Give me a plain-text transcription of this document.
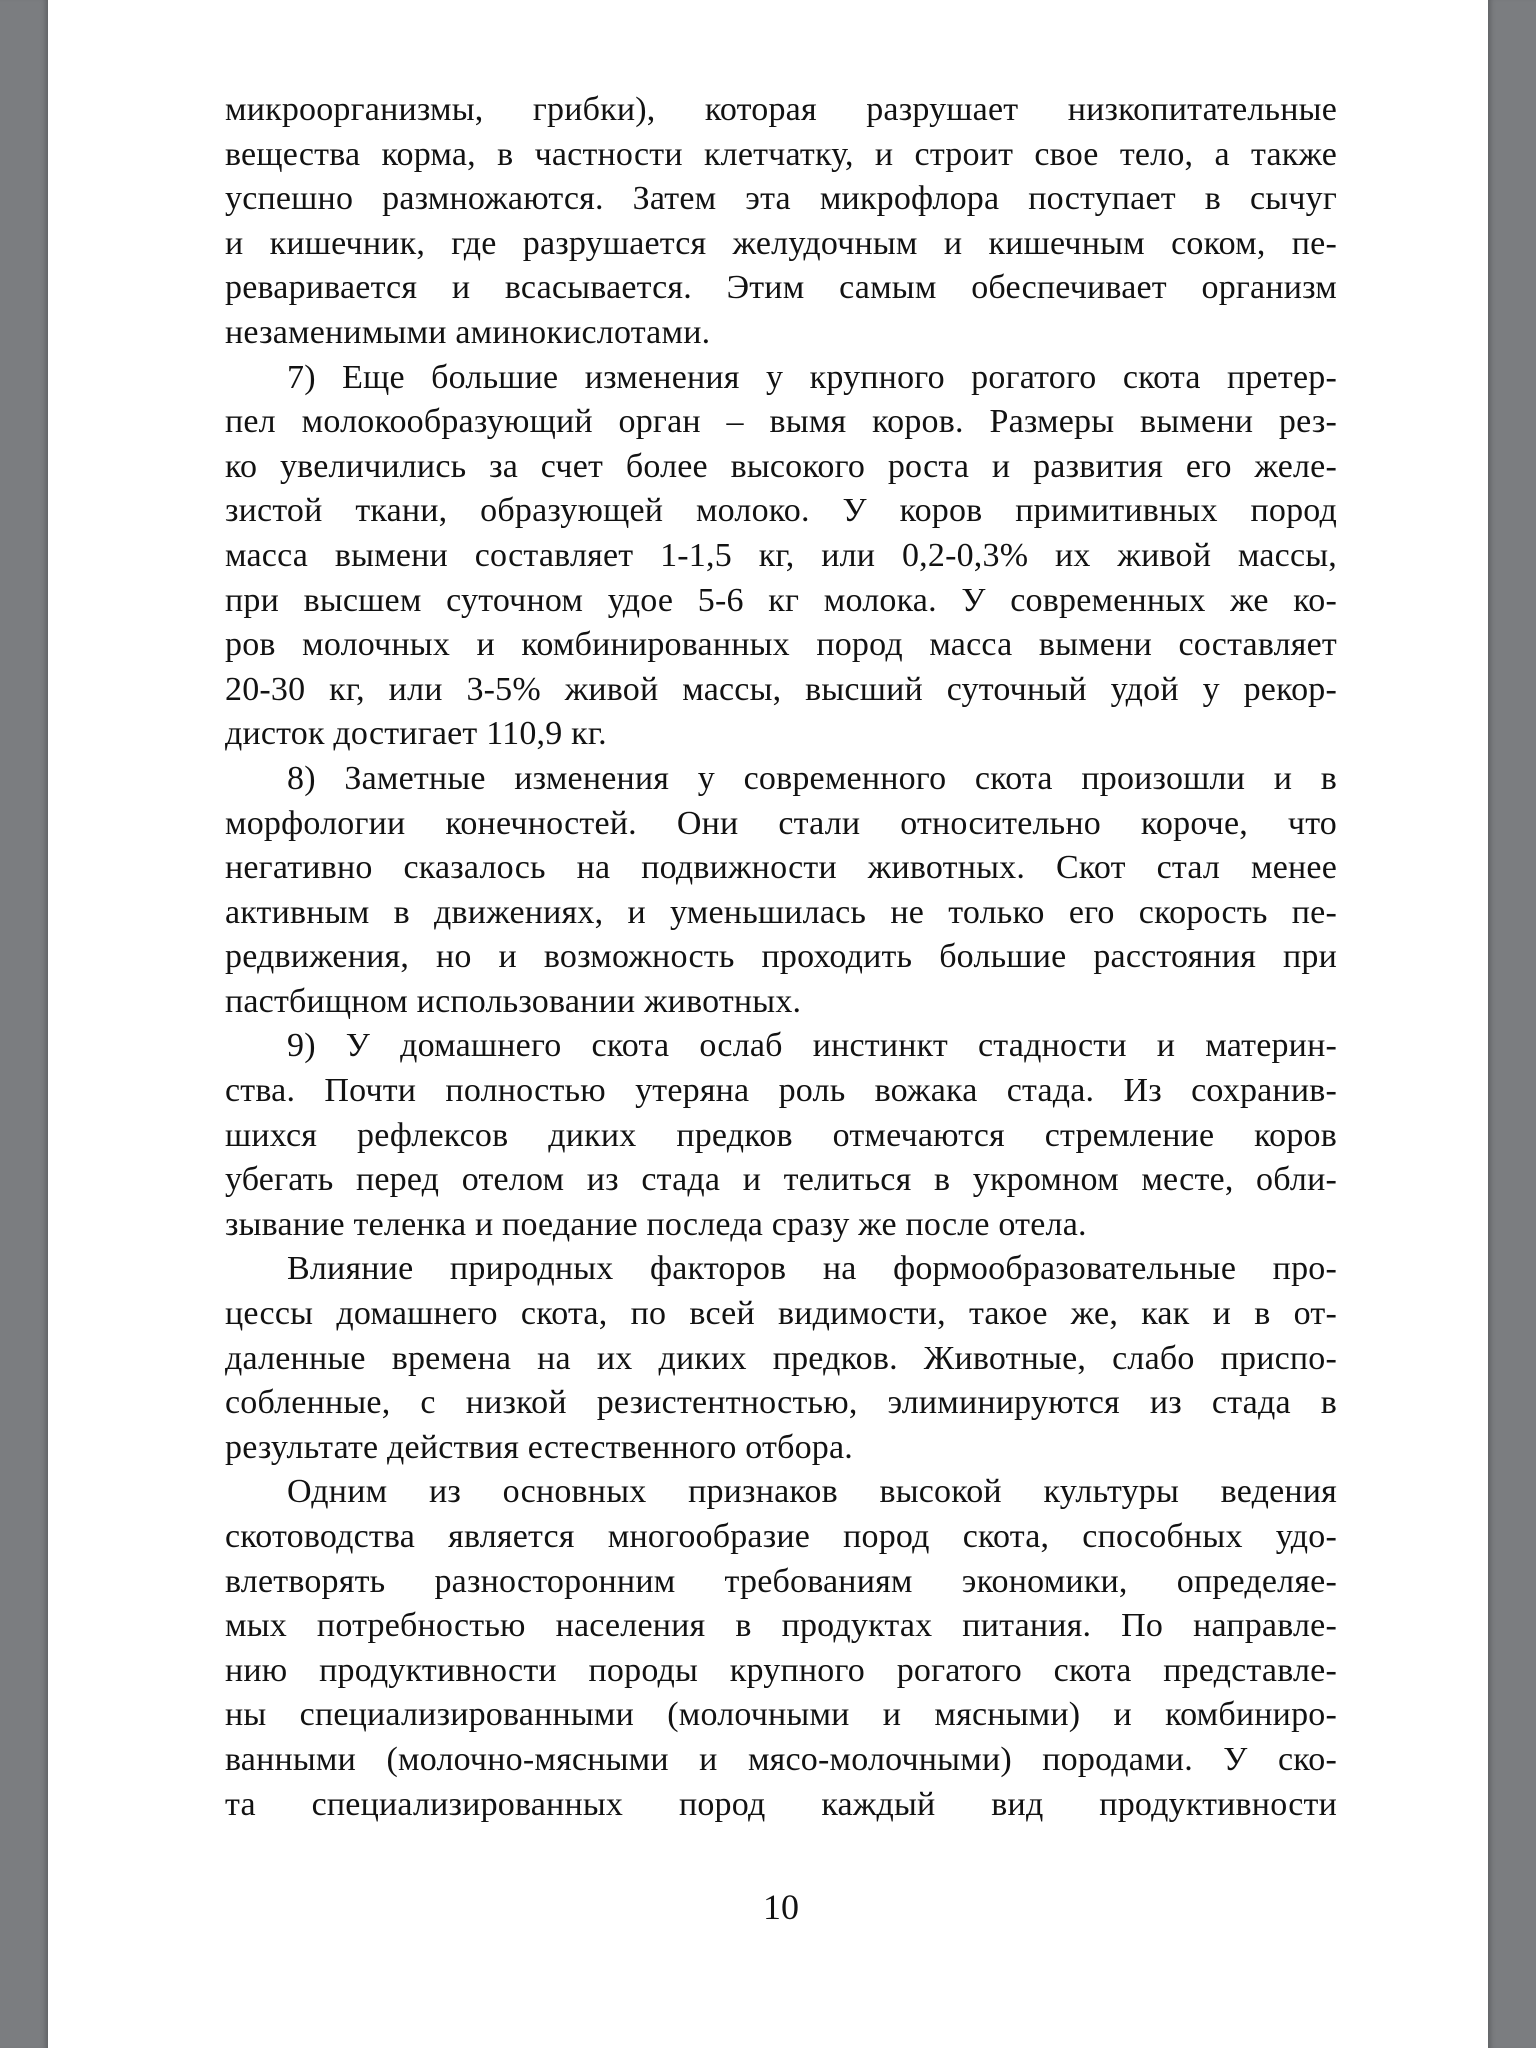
микроорганизмы, грибки), которая разрушает низкопитательные
вещества корма, в частности клетчатку, и строит свое тело, а также
успешно размножаются. Затем эта микрофлора поступает в сычуг
и кишечник, где разрушается желудочным и кишечным соком, пе-
реваривается и всасывается. Этим самым обеспечивает организм
незаменимыми аминокислотами.
7) Еще большие изменения у крупного рогатого скота претер-
пел молокообразующий орган – вымя коров. Размеры вымени рез-
ко увеличились за счет более высокого роста и развития его желе-
зистой ткани, образующей молоко. У коров примитивных пород
масса вымени составляет 1-1,5 кг, или 0,2-0,3% их живой массы,
при высшем суточном удое 5-6 кг молока. У современных же ко-
ров молочных и комбинированных пород масса вымени составляет
20-30 кг, или 3-5% живой массы, высший суточный удой у рекор-
дисток достигает 110,9 кг.
8) Заметные изменения у современного скота произошли и в
морфологии конечностей. Они стали относительно короче, что
негативно сказалось на подвижности животных. Скот стал менее
активным в движениях, и уменьшилась не только его скорость пе-
редвижения, но и возможность проходить большие расстояния при
пастбищном использовании животных.
9) У домашнего скота ослаб инстинкт стадности и материн-
ства. Почти полностью утеряна роль вожака стада. Из сохранив-
шихся рефлексов диких предков отмечаются стремление коров
убегать перед отелом из стада и телиться в укромном месте, обли-
зывание теленка и поедание последа сразу же после отела.
Влияние природных факторов на формообразовательные про-
цессы домашнего скота, по всей видимости, такое же, как и в от-
даленные времена на их диких предков. Животные, слабо приспо-
собленные, с низкой резистентностью, элиминируются из стада в
результате действия естественного отбора.
Одним из основных признаков высокой культуры ведения
скотоводства является многообразие пород скота, способных удо-
влетворять разносторонним требованиям экономики, определяе-
мых потребностью населения в продуктах питания. По направле-
нию продуктивности породы крупного рогатого скота представле-
ны специализированными (молочными и мясными) и комбиниро-
ванными (молочно-мясными и мясо-молочными) породами. У ско-
та специализированных пород каждый вид продуктивности
10
